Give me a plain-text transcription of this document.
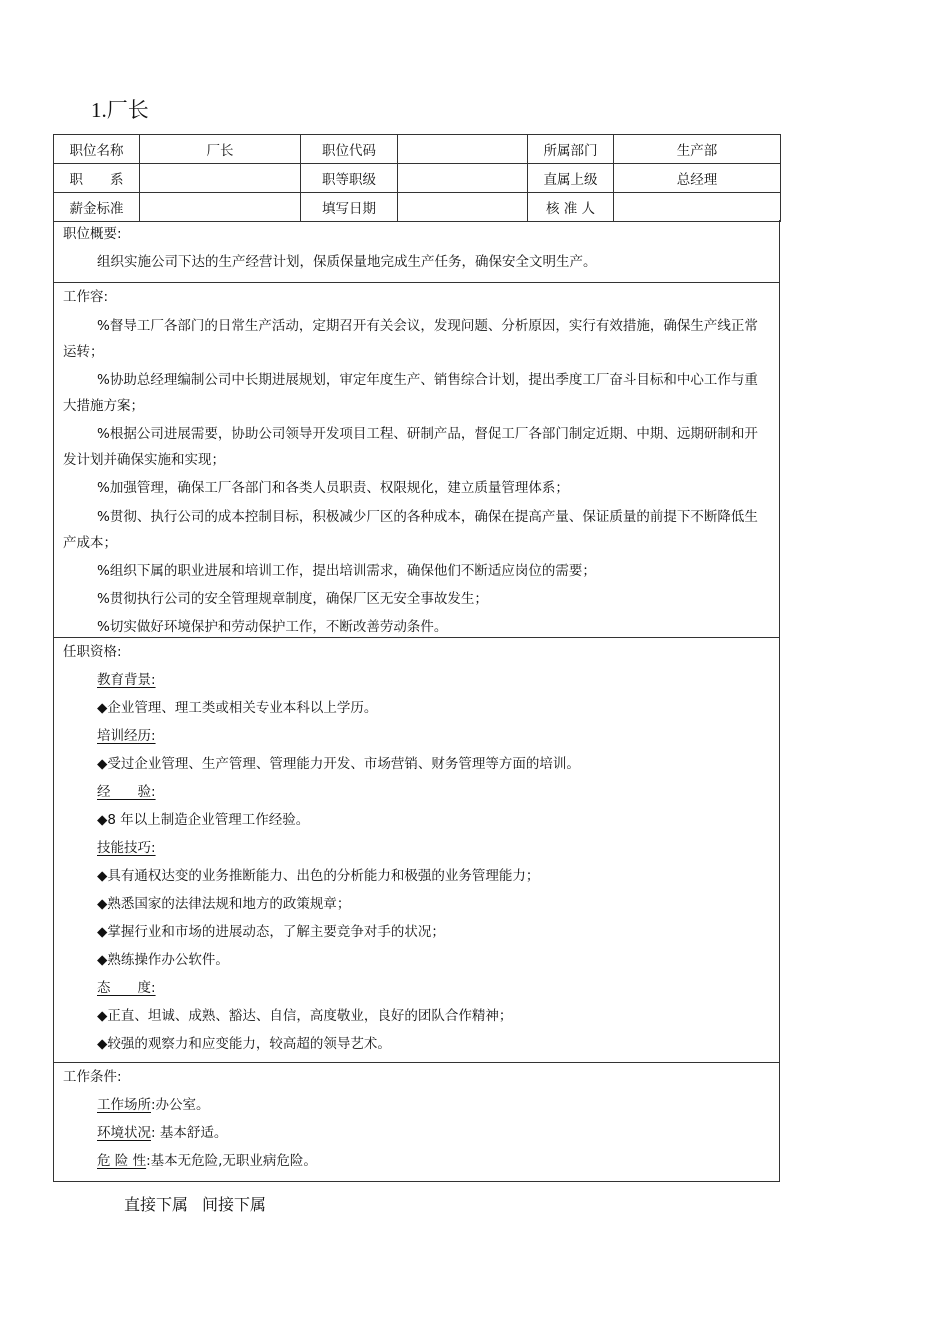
1.厂长
职位名称	厂长	职位代码		所属部门	生产部
职　　系		职等职级		直属上级	总经理
薪金标准		填写日期		核 准 人	
职位概要:
组织实施公司下达的生产经营计划，保质保量地完成生产任务，确保安全文明生产。
工作容:
%督导工厂各部门的日常生产活动，定期召开有关会议，发现问题、分析原因，实行有效措施，确保生产线正常运转；
%协助总经理编制公司中长期进展规划，审定年度生产、销售综合计划，提出季度工厂奋斗目标和中心工作与重大措施方案；
%根据公司进展需要，协助公司领导开发项目工程、研制产品，督促工厂各部门制定近期、中期、远期研制和开发计划并确保实施和实现；
%加强管理，确保工厂各部门和各类人员职责、权限规化，建立质量管理体系；
%贯彻、执行公司的成本控制目标，积极减少厂区的各种成本，确保在提高产量、保证质量的前提下不断降低生产成本；
%组织下属的职业进展和培训工作，提出培训需求，确保他们不断适应岗位的需要；
%贯彻执行公司的安全管理规章制度，确保厂区无安全事故发生；
%切实做好环境保护和劳动保护工作，不断改善劳动条件。
任职资格:
教育背景:
◆企业管理、理工类或相关专业本科以上学历。
培训经历:
◆受过企业管理、生产管理、管理能力开发、市场营销、财务管理等方面的培训。
经　　验:
◆8 年以上制造企业管理工作经验。
技能技巧:
◆具有通权达变的业务推断能力、出色的分析能力和极强的业务管理能力；
◆熟悉国家的法律法规和地方的政策规章；
◆掌握行业和市场的进展动态，了解主要竞争对手的状况；
◆熟练操作办公软件。
态　　度:
◆正直、坦诚、成熟、豁达、自信，高度敬业，良好的团队合作精神；
◆较强的观察力和应变能力，较高超的领导艺术。
工作条件:
工作场所:办公室。
环境状况: 基本舒适。
危 险 性:基本无危险,无职业病危险。
直接下属 间接下属
